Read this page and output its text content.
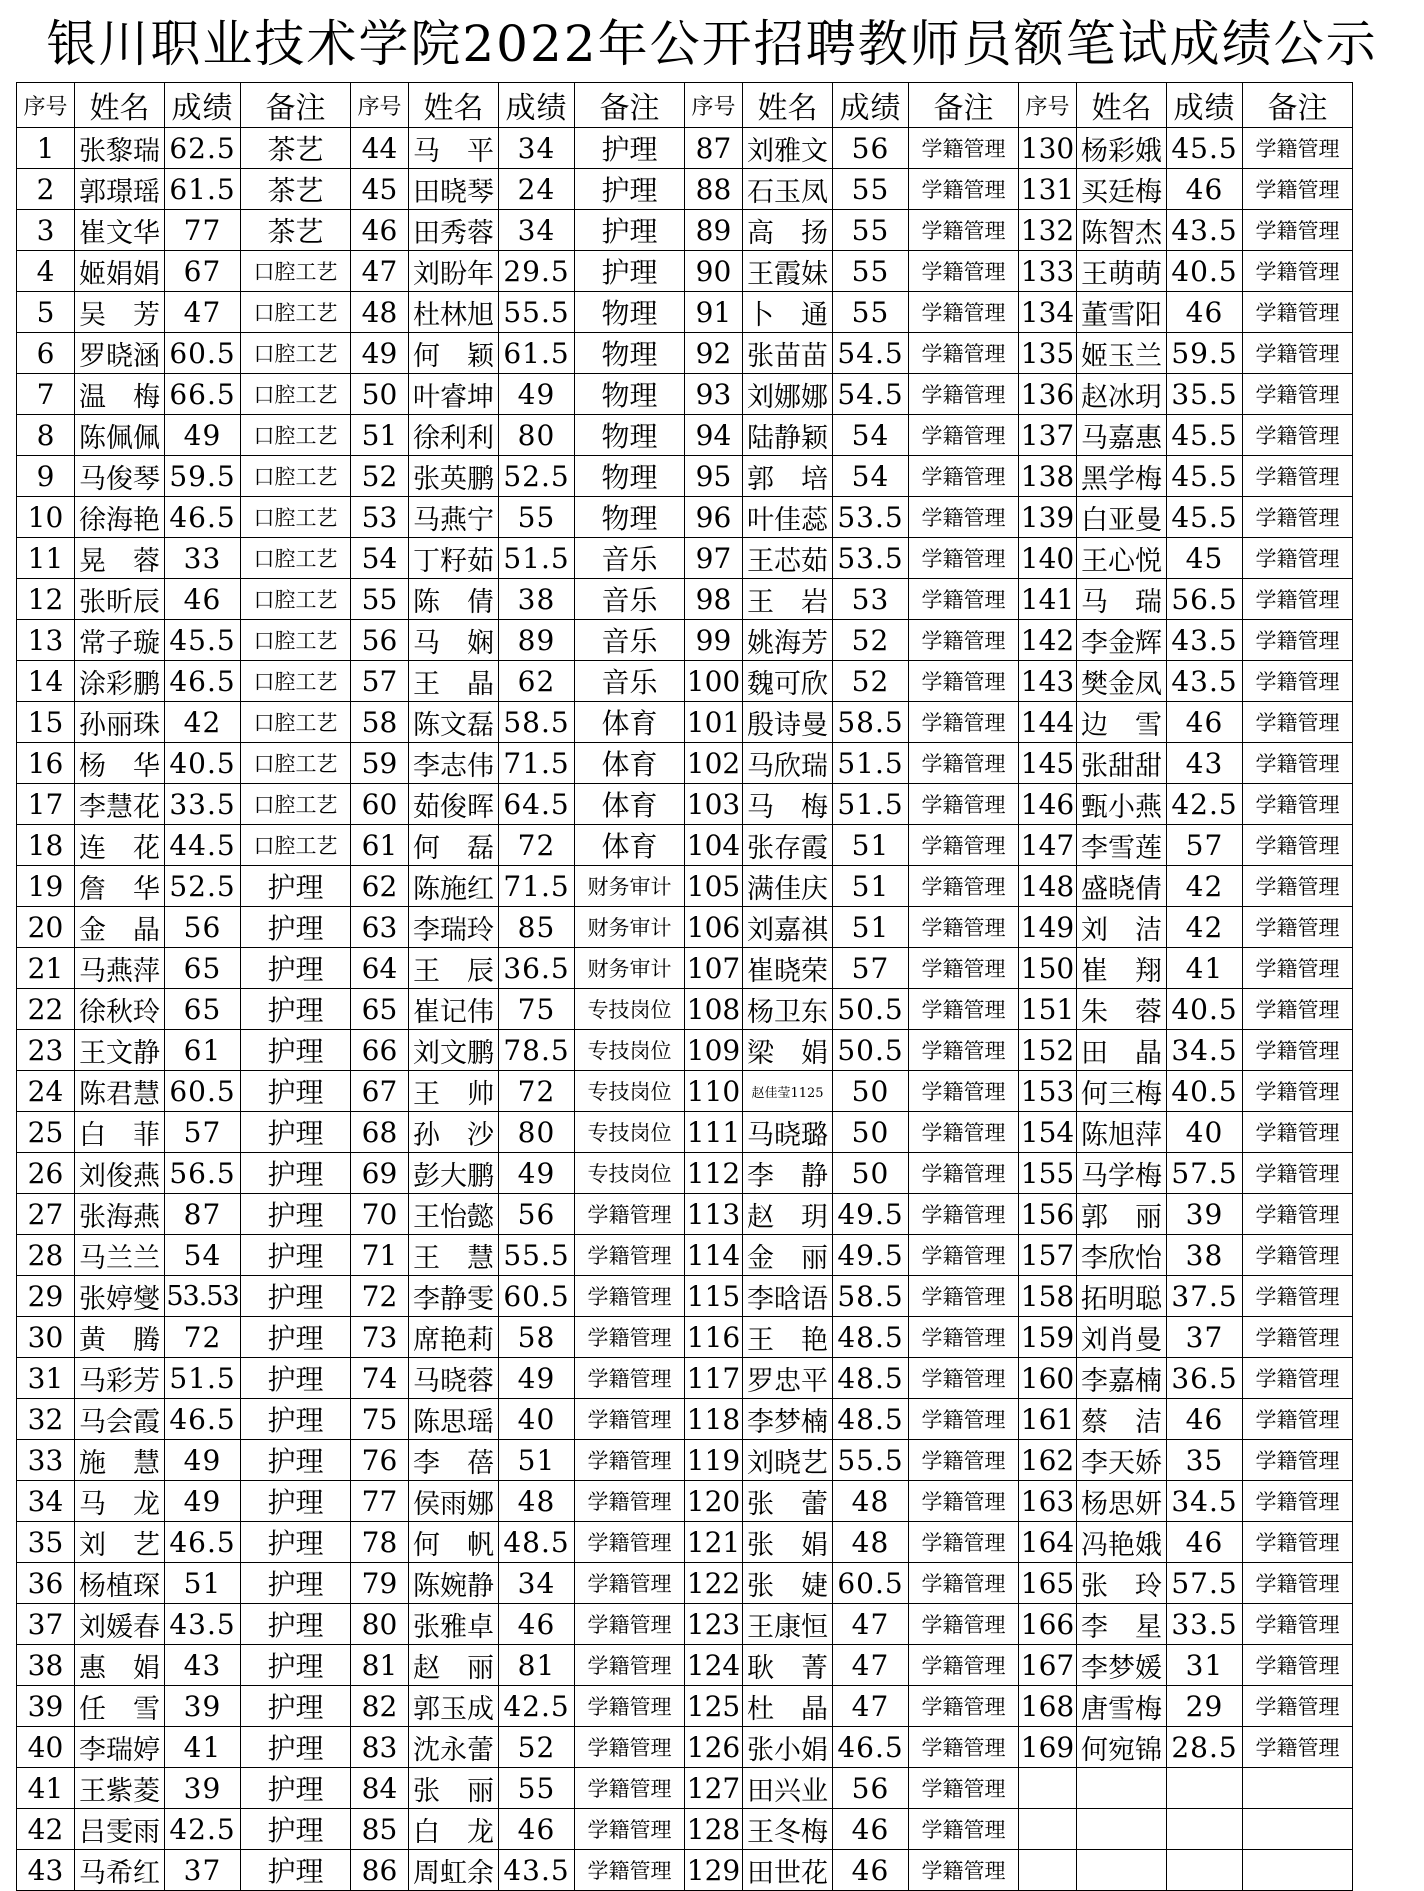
银川职业技术学院2022年公开招聘教师员额笔试成绩公示
序号	姓名	成绩	备注	序号	姓名	成绩	备注	序号	姓名	成绩	备注	序号	姓名	成绩	备注
1	张黎瑞	62.5	茶艺	44	马　平	34	护理	87	刘雅文	56	学籍管理	130	杨彩娥	45.5	学籍管理
2	郭璟瑶	61.5	茶艺	45	田晓琴	24	护理	88	石玉凤	55	学籍管理	131	买廷梅	46	学籍管理
3	崔文华	77	茶艺	46	田秀蓉	34	护理	89	高　扬	55	学籍管理	132	陈智杰	43.5	学籍管理
4	姬娟娟	67	口腔工艺	47	刘盼年	29.5	护理	90	王霞妹	55	学籍管理	133	王萌萌	40.5	学籍管理
5	吴　芳	47	口腔工艺	48	杜林旭	55.5	物理	91	卜　通	55	学籍管理	134	董雪阳	46	学籍管理
6	罗晓涵	60.5	口腔工艺	49	何　颖	61.5	物理	92	张苗苗	54.5	学籍管理	135	姬玉兰	59.5	学籍管理
7	温　梅	66.5	口腔工艺	50	叶睿坤	49	物理	93	刘娜娜	54.5	学籍管理	136	赵冰玥	35.5	学籍管理
8	陈佩佩	49	口腔工艺	51	徐利利	80	物理	94	陆静颖	54	学籍管理	137	马嘉惠	45.5	学籍管理
9	马俊琴	59.5	口腔工艺	52	张英鹏	52.5	物理	95	郭　培	54	学籍管理	138	黑学梅	45.5	学籍管理
10	徐海艳	46.5	口腔工艺	53	马燕宁	55	物理	96	叶佳蕊	53.5	学籍管理	139	白亚曼	45.5	学籍管理
11	晃　蓉	33	口腔工艺	54	丁籽茹	51.5	音乐	97	王芯茹	53.5	学籍管理	140	王心悦	45	学籍管理
12	张昕辰	46	口腔工艺	55	陈　倩	38	音乐	98	王　岩	53	学籍管理	141	马　瑞	56.5	学籍管理
13	常子璇	45.5	口腔工艺	56	马　娴	89	音乐	99	姚海芳	52	学籍管理	142	李金辉	43.5	学籍管理
14	涂彩鹏	46.5	口腔工艺	57	王　晶	62	音乐	100	魏可欣	52	学籍管理	143	樊金凤	43.5	学籍管理
15	孙丽珠	42	口腔工艺	58	陈文磊	58.5	体育	101	殷诗曼	58.5	学籍管理	144	边　雪	46	学籍管理
16	杨　华	40.5	口腔工艺	59	李志伟	71.5	体育	102	马欣瑞	51.5	学籍管理	145	张甜甜	43	学籍管理
17	李慧花	33.5	口腔工艺	60	茹俊晖	64.5	体育	103	马　梅	51.5	学籍管理	146	甄小燕	42.5	学籍管理
18	连　花	44.5	口腔工艺	61	何　磊	72	体育	104	张存霞	51	学籍管理	147	李雪莲	57	学籍管理
19	詹　华	52.5	护理	62	陈施红	71.5	财务审计	105	满佳庆	51	学籍管理	148	盛晓倩	42	学籍管理
20	金　晶	56	护理	63	李瑞玲	85	财务审计	106	刘嘉祺	51	学籍管理	149	刘　洁	42	学籍管理
21	马燕萍	65	护理	64	王　辰	36.5	财务审计	107	崔晓荣	57	学籍管理	150	崔　翔	41	学籍管理
22	徐秋玲	65	护理	65	崔记伟	75	专技岗位	108	杨卫东	50.5	学籍管理	151	朱　蓉	40.5	学籍管理
23	王文静	61	护理	66	刘文鹏	78.5	专技岗位	109	梁　娟	50.5	学籍管理	152	田　晶	34.5	学籍管理
24	陈君慧	60.5	护理	67	王　帅	72	专技岗位	110	赵佳莹1125	50	学籍管理	153	何三梅	40.5	学籍管理
25	白　菲	57	护理	68	孙　沙	80	专技岗位	111	马晓璐	50	学籍管理	154	陈旭萍	40	学籍管理
26	刘俊燕	56.5	护理	69	彭大鹏	49	专技岗位	112	李　静	50	学籍管理	155	马学梅	57.5	学籍管理
27	张海燕	87	护理	70	王怡懿	56	学籍管理	113	赵　玥	49.5	学籍管理	156	郭　丽	39	学籍管理
28	马兰兰	54	护理	71	王　慧	55.5	学籍管理	114	金　丽	49.5	学籍管理	157	李欣怡	38	学籍管理
29	张婷燮	53.53	护理	72	李静雯	60.5	学籍管理	115	李晗语	58.5	学籍管理	158	拓明聪	37.5	学籍管理
30	黄　腾	72	护理	73	席艳莉	58	学籍管理	116	王　艳	48.5	学籍管理	159	刘肖曼	37	学籍管理
31	马彩芳	51.5	护理	74	马晓蓉	49	学籍管理	117	罗忠平	48.5	学籍管理	160	李嘉楠	36.5	学籍管理
32	马会霞	46.5	护理	75	陈思瑶	40	学籍管理	118	李梦楠	48.5	学籍管理	161	蔡　洁	46	学籍管理
33	施　慧	49	护理	76	李　蓓	51	学籍管理	119	刘晓艺	55.5	学籍管理	162	李天娇	35	学籍管理
34	马　龙	49	护理	77	侯雨娜	48	学籍管理	120	张　蕾	48	学籍管理	163	杨思妍	34.5	学籍管理
35	刘　艺	46.5	护理	78	何　帆	48.5	学籍管理	121	张　娟	48	学籍管理	164	冯艳娥	46	学籍管理
36	杨植琛	51	护理	79	陈婉静	34	学籍管理	122	张　婕	60.5	学籍管理	165	张　玲	57.5	学籍管理
37	刘媛春	43.5	护理	80	张雅卓	46	学籍管理	123	王康恒	47	学籍管理	166	李　星	33.5	学籍管理
38	惠　娟	43	护理	81	赵　丽	81	学籍管理	124	耿　菁	47	学籍管理	167	李梦媛	31	学籍管理
39	任　雪	39	护理	82	郭玉成	42.5	学籍管理	125	杜　晶	47	学籍管理	168	唐雪梅	29	学籍管理
40	李瑞婷	41	护理	83	沈永蕾	52	学籍管理	126	张小娟	46.5	学籍管理	169	何宛锦	28.5	学籍管理
41	王紫菱	39	护理	84	张　丽	55	学籍管理	127	田兴业	56	学籍管理				
42	吕雯雨	42.5	护理	85	白　龙	46	学籍管理	128	王冬梅	46	学籍管理				
43	马希红	37	护理	86	周虹余	43.5	学籍管理	129	田世花	46	学籍管理				
